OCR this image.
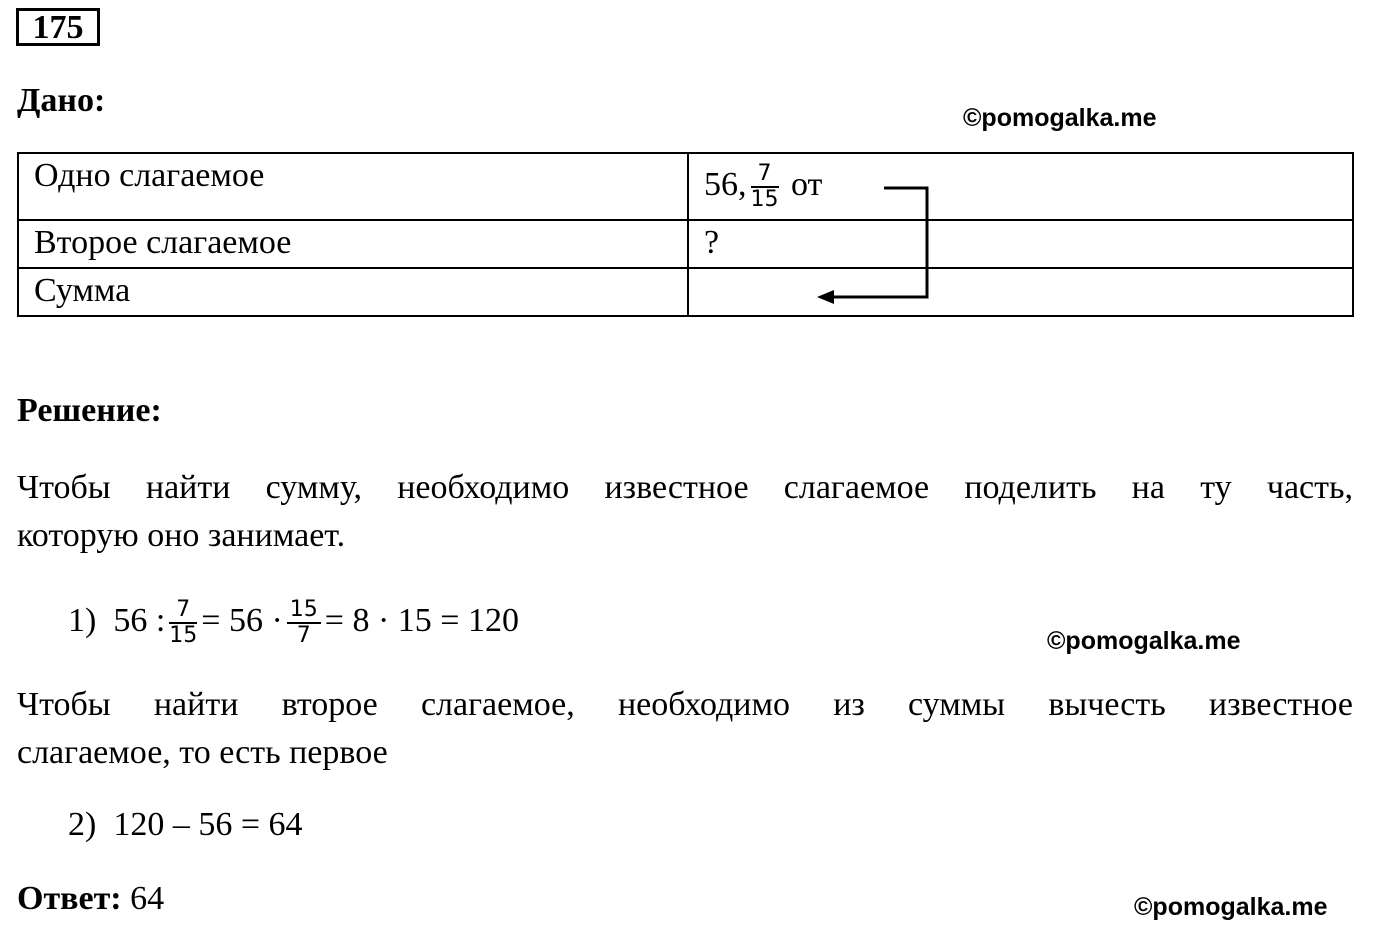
175
Дано:	©pomogalka.me
Одно слагаемое	56, $\frac{7}{15}$ от
Второе слагаемое	?
Сумма	
Решение:
Чтобы найти сумму, необходимо известное слагаемое поделить на ту часть,
которую оно занимает.
1) 56 : $\frac{7}{15} = 56 \cdot \frac{15}{7} = 8 \cdot 15 = 120$
©pomogalka.me
Чтобы найти второе слагаемое, необходимо из суммы вычесть известное
слагаемое, то есть первое
2) 120 – 56 = 64
Ответ: 64	©pomogalka.me
